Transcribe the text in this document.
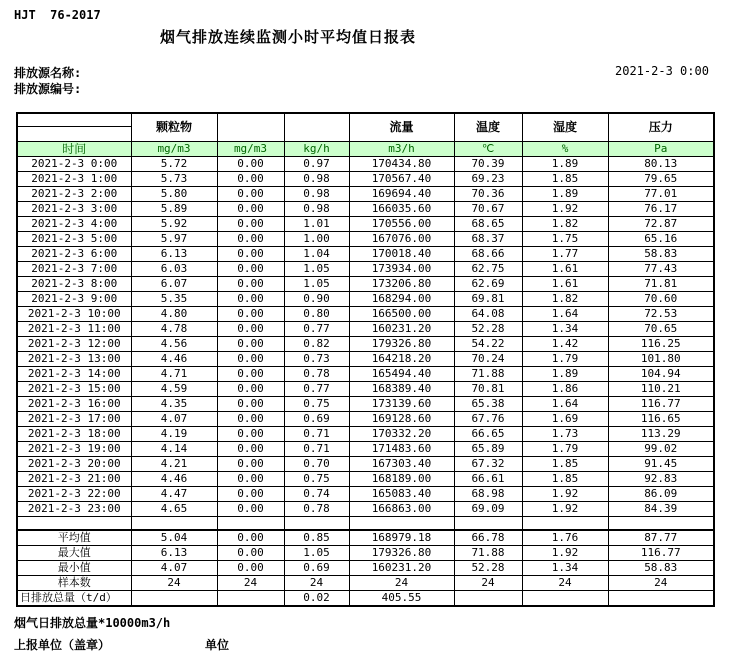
HJT  76-2017
烟气排放连续监测小时平均值日报表
排放源名称:
排放源编号:
2021-2-3 0:00
	颗粒物			流量	温度	湿度	压力
时间	mg/m3	mg/m3	kg/h	m3/h	℃	%	Pa
2021-2-3 0:00	5.72	0.00	0.97	170434.80	70.39	1.89	80.13
2021-2-3 1:00	5.73	0.00	0.98	170567.40	69.23	1.85	79.65
2021-2-3 2:00	5.80	0.00	0.98	169694.40	70.36	1.89	77.01
2021-2-3 3:00	5.89	0.00	0.98	166035.60	70.67	1.92	76.17
2021-2-3 4:00	5.92	0.00	1.01	170556.00	68.65	1.82	72.87
2021-2-3 5:00	5.97	0.00	1.00	167076.00	68.37	1.75	65.16
2021-2-3 6:00	6.13	0.00	1.04	170018.40	68.66	1.77	58.83
2021-2-3 7:00	6.03	0.00	1.05	173934.00	62.75	1.61	77.43
2021-2-3 8:00	6.07	0.00	1.05	173206.80	62.69	1.61	71.81
2021-2-3 9:00	5.35	0.00	0.90	168294.00	69.81	1.82	70.60
2021-2-3 10:00	4.80	0.00	0.80	166500.00	64.08	1.64	72.53
2021-2-3 11:00	4.78	0.00	0.77	160231.20	52.28	1.34	70.65
2021-2-3 12:00	4.56	0.00	0.82	179326.80	54.22	1.42	116.25
2021-2-3 13:00	4.46	0.00	0.73	164218.20	70.24	1.79	101.80
2021-2-3 14:00	4.71	0.00	0.78	165494.40	71.88	1.89	104.94
2021-2-3 15:00	4.59	0.00	0.77	168389.40	70.81	1.86	110.21
2021-2-3 16:00	4.35	0.00	0.75	173139.60	65.38	1.64	116.77
2021-2-3 17:00	4.07	0.00	0.69	169128.60	67.76	1.69	116.65
2021-2-3 18:00	4.19	0.00	0.71	170332.20	66.65	1.73	113.29
2021-2-3 19:00	4.14	0.00	0.71	171483.60	65.89	1.79	99.02
2021-2-3 20:00	4.21	0.00	0.70	167303.40	67.32	1.85	91.45
2021-2-3 21:00	4.46	0.00	0.75	168189.00	66.61	1.85	92.83
2021-2-3 22:00	4.47	0.00	0.74	165083.40	68.98	1.92	86.09
2021-2-3 23:00	4.65	0.00	0.78	166863.00	69.09	1.92	84.39

平均值	5.04	0.00	0.85	168979.18	66.78	1.76	87.77
最大值	6.13	0.00	1.05	179326.80	71.88	1.92	116.77
最小值	4.07	0.00	0.69	160231.20	52.28	1.34	58.83
样本数	24	24	24	24	24	24	24
日排放总量（t/d）			0.02	405.55			
烟气日排放总量*10000m3/h
上报单位（盖章）	单位
